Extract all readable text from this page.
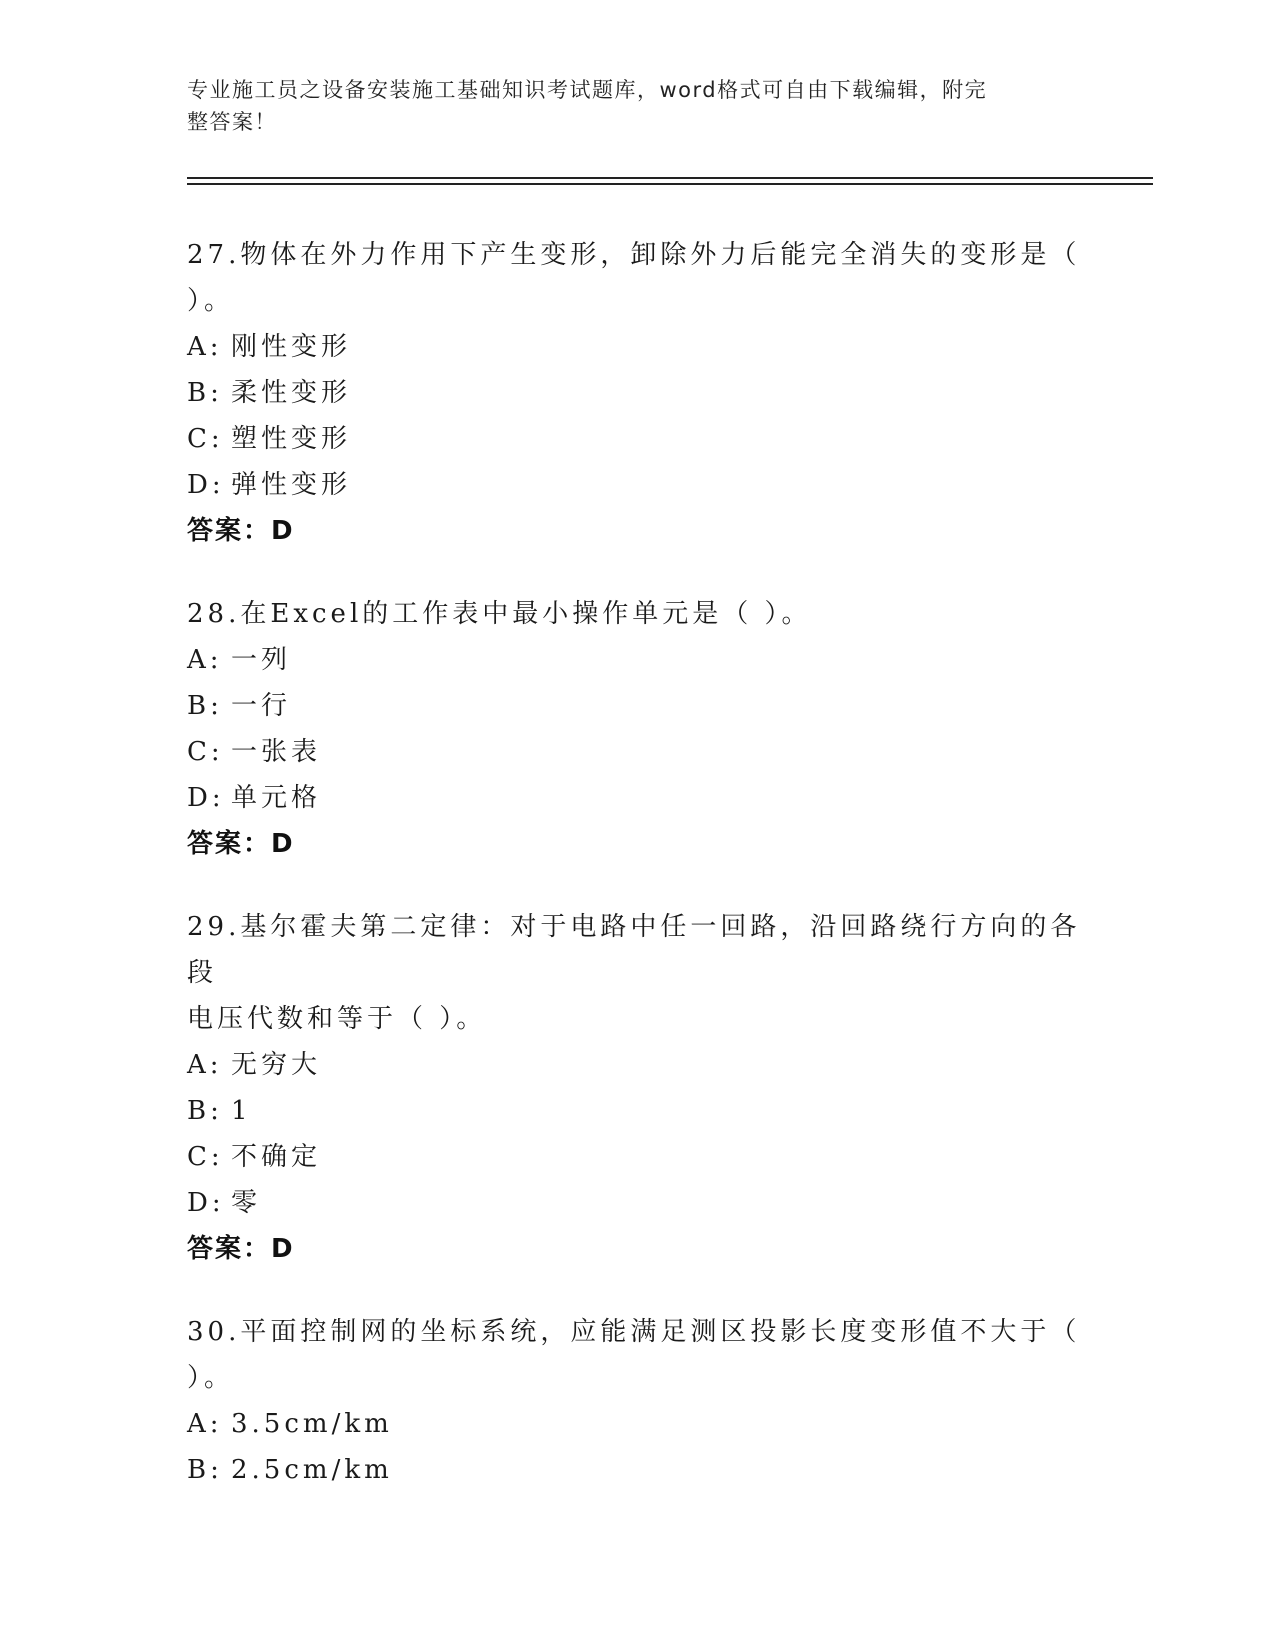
专业施工员之设备安装施工基础知识考试题库，word格式可自由下载编辑，附完
整答案！
27.物体在外力作用下产生变形，卸除外力后能完全消失的变形是（
）。
A: 刚性变形
B: 柔性变形
C: 塑性变形
D: 弹性变形
答案：D
28.在Excel的工作表中最小操作单元是（ ）。
A: 一列
B: 一行
C: 一张表
D: 单元格
答案：D
29.基尔霍夫第二定律：对于电路中任一回路，沿回路绕行方向的各段
电压代数和等于（ ）。
A: 无穷大
B: 1
C: 不确定
D: 零
答案：D
30.平面控制网的坐标系统，应能满足测区投影长度变形值不大于（
）。
A: 3.5cm/km
B: 2.5cm/km
